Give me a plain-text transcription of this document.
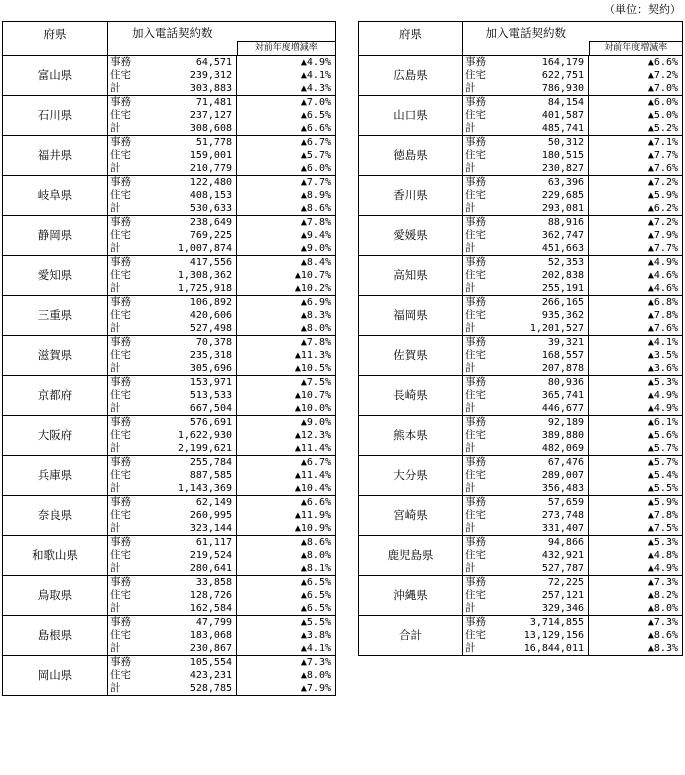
（単位：契約）
府県	加入電話契約数		対前年度増減率

富山県	事務	64,571	▲4.9%
	住宅	239,312	▲4.1%
	計	303,883	▲4.3%
石川県	事務	71,481	▲7.0%
	住宅	237,127	▲6.5%
	計	308,608	▲6.6%
福井県	事務	51,778	▲6.7%
	住宅	159,001	▲5.7%
	計	210,779	▲6.0%
岐阜県	事務	122,480	▲7.7%
	住宅	408,153	▲8.9%
	計	530,633	▲8.6%
静岡県	事務	238,649	▲7.8%
	住宅	769,225	▲9.4%
	計	1,007,874	▲9.0%
愛知県	事務	417,556	▲8.4%
	住宅	1,308,362	▲10.7%
	計	1,725,918	▲10.2%
三重県	事務	106,892	▲6.9%
	住宅	420,606	▲8.3%
	計	527,498	▲8.0%
滋賀県	事務	70,378	▲7.8%
	住宅	235,318	▲11.3%
	計	305,696	▲10.5%
京都府	事務	153,971	▲7.5%
	住宅	513,533	▲10.7%
	計	667,504	▲10.0%
大阪府	事務	576,691	▲9.0%
	住宅	1,622,930	▲12.3%
	計	2,199,621	▲11.4%
兵庫県	事務	255,784	▲6.7%
	住宅	887,585	▲11.4%
	計	1,143,369	▲10.4%
奈良県	事務	62,149	▲6.6%
	住宅	260,995	▲11.9%
	計	323,144	▲10.9%
和歌山県	事務	61,117	▲8.6%
	住宅	219,524	▲8.0%
	計	280,641	▲8.1%
鳥取県	事務	33,858	▲6.5%
	住宅	128,726	▲6.5%
	計	162,584	▲6.5%
島根県	事務	47,799	▲5.5%
	住宅	183,068	▲3.8%
	計	230,867	▲4.1%
岡山県	事務	105,554	▲7.3%
	住宅	423,231	▲8.0%
	計	528,785	▲7.9%
府県	加入電話契約数		対前年度増減率

広島県	事務	164,179	▲6.6%
	住宅	622,751	▲7.2%
	計	786,930	▲7.0%
山口県	事務	84,154	▲6.0%
	住宅	401,587	▲5.0%
	計	485,741	▲5.2%
徳島県	事務	50,312	▲7.1%
	住宅	180,515	▲7.7%
	計	230,827	▲7.6%
香川県	事務	63,396	▲7.2%
	住宅	229,685	▲5.9%
	計	293,081	▲6.2%
愛媛県	事務	88,916	▲7.2%
	住宅	362,747	▲7.9%
	計	451,663	▲7.7%
高知県	事務	52,353	▲4.9%
	住宅	202,838	▲4.6%
	計	255,191	▲4.6%
福岡県	事務	266,165	▲6.8%
	住宅	935,362	▲7.8%
	計	1,201,527	▲7.6%
佐賀県	事務	39,321	▲4.1%
	住宅	168,557	▲3.5%
	計	207,878	▲3.6%
長崎県	事務	80,936	▲5.3%
	住宅	365,741	▲4.9%
	計	446,677	▲4.9%
熊本県	事務	92,189	▲6.1%
	住宅	389,880	▲5.6%
	計	482,069	▲5.7%
大分県	事務	67,476	▲5.7%
	住宅	289,007	▲5.4%
	計	356,483	▲5.5%
宮崎県	事務	57,659	▲5.9%
	住宅	273,748	▲7.8%
	計	331,407	▲7.5%
鹿児島県	事務	94,866	▲5.3%
	住宅	432,921	▲4.8%
	計	527,787	▲4.9%
沖縄県	事務	72,225	▲7.3%
	住宅	257,121	▲8.2%
	計	329,346	▲8.0%
合計	事務	3,714,855	▲7.3%
	住宅	13,129,156	▲8.6%
	計	16,844,011	▲8.3%
